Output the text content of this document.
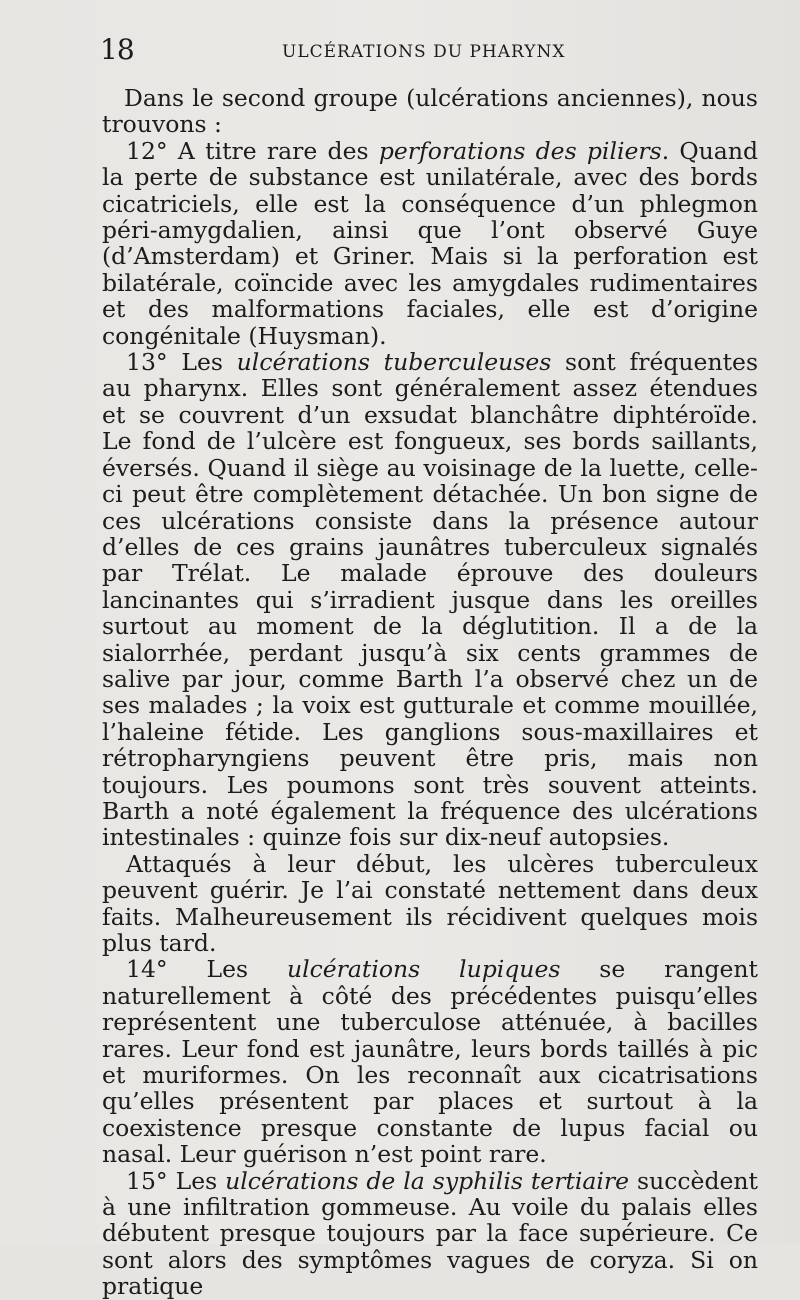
18	ULCÉRATIONS DU PHARYNX

Dans le second groupe (ulcérations anciennes), nous trouvons :

12° A titre rare des perforations des piliers. Quand la perte de substance est unilatérale, avec des bords cicatriciels, elle est la conséquence d’un phlegmon péri-amygdalien, ainsi que l’ont observé Guye (d’Amsterdam) et Griner. Mais si la perforation est bilatérale, coïncide avec les amygdales rudimentaires et des malformations faciales, elle est d’origine congénitale (Huysman).

13° Les ulcérations tuberculeuses sont fréquentes au pharynx. Elles sont généralement assez étendues et se couvrent d’un exsudat blanchâtre diphtéroïde. Le fond de l’ulcère est fongueux, ses bords saillants, éversés. Quand il siège au voisinage de la luette, celle-ci peut être complètement détachée. Un bon signe de ces ulcérations consiste dans la présence autour d’elles de ces grains jaunâtres tuberculeux signalés par Trélat. Le malade éprouve des douleurs lancinantes qui s’irradient jusque dans les oreilles surtout au moment de la déglutition. Il a de la sialorrhée, perdant jusqu’à six cents grammes de salive par jour, comme Barth l’a observé chez un de ses malades ; la voix est gutturale et comme mouillée, l’haleine fétide. Les ganglions sous-maxillaires et rétropharyngiens peuvent être pris, mais non toujours. Les poumons sont très souvent atteints. Barth a noté également la fréquence des ulcérations intestinales : quinze fois sur dix-neuf autopsies.

Attaqués à leur début, les ulcères tuberculeux peuvent guérir. Je l’ai constaté nettement dans deux faits. Malheureusement ils récidivent quelques mois plus tard.

14° Les ulcérations lupiques se rangent naturellement à côté des précédentes puisqu’elles représentent une tuberculose atténuée, à bacilles rares. Leur fond est jaunâtre, leurs bords taillés à pic et muriformes. On les reconnaît aux cicatrisations qu’elles présentent par places et surtout à la coexistence presque constante de lupus facial ou nasal. Leur guérison n’est point rare.

15° Les ulcérations de la syphilis tertiaire succèdent à une infiltration gommeuse. Au voile du palais elles débutent presque toujours par la face supérieure. Ce sont alors des symptômes vagues de coryza. Si on pratique
